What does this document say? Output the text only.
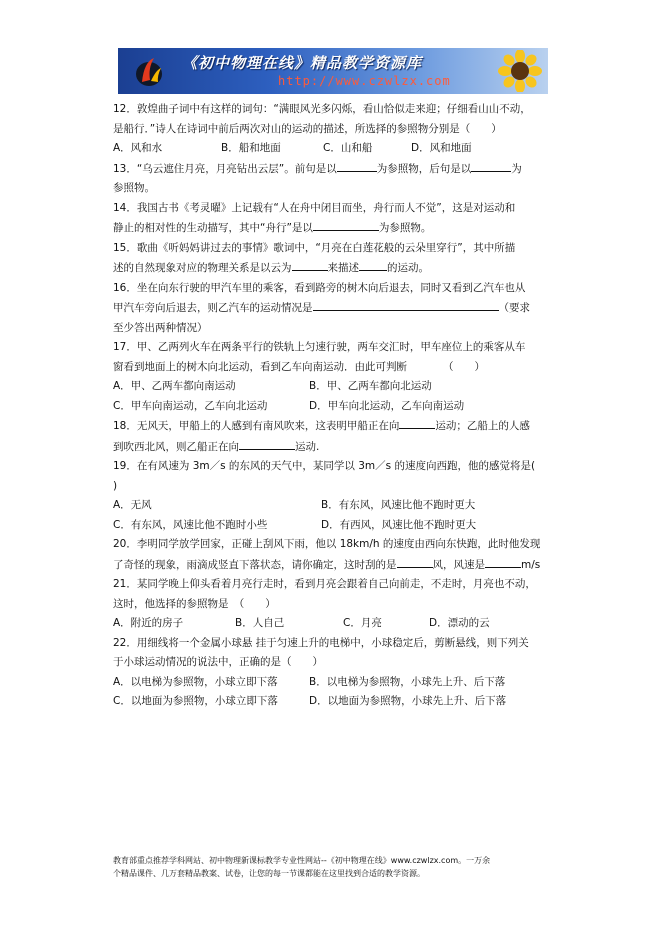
《初中物理在线》精品教学资源库
http://www.czwlzx.com
12．敦煌曲子词中有这样的词句：“满眼风光多闪烁，看山恰似走来迎；仔细看山山不动，
是船行．”诗人在诗词中前后两次对山的运动的描述，所选择的参照物分别是（　　）
A．风和水	B．船和地面	C．山和船	D．风和地面
13．“乌云遮住月亮，月亮钻出云层”。前句是以	为参照物，后句是以	为
参照物。
14．我国古书《考灵曜》上记载有“人在舟中闭目而坐，舟行而人不觉”，这是对运动和
静止的相对性的生动描写，其中“舟行”是以	为参照物。
15．歌曲《听妈妈讲过去的事情》歌词中，“月亮在白莲花般的云朵里穿行”，其中所描
述的自然现象对应的物理关系是以云为	来描述	的运动。
16．坐在向东行驶的甲汽车里的乘客，看到路旁的树木向后退去，同时又看到乙汽车也从
甲汽车旁向后退去，则乙汽车的运动情况是	（要求
至少答出两种情况）
17．甲、乙两列火车在两条平行的铁轨上匀速行驶，两车交汇时，甲车座位上的乘客从车
窗看到地面上的树木向北运动，看到乙车向南运动．由此可判断	（　　）
A．甲、乙两车都向南运动	B．甲、乙两车都向北运动
C．甲车向南运动，乙车向北运动	D．甲车向北运动，乙车向南运动
18．无风天，甲船上的人感到有南风吹来，这表明甲船正在向	运动；乙船上的人感
到吹西北风，则乙船正在向	运动.
19．在有风速为 3m／s 的东风的天气中，某同学以 3m／s 的速度向西跑，他的感觉将是(
)
A．无风	B．有东风，风速比他不跑时更大
C．有东风，风速比他不跑时小些	D．有西风，风速比他不跑时更大
20．李明同学放学回家，正碰上刮风下雨，他以 18km/h 的速度由西向东快跑，此时他发现
了奇怪的现象，雨滴成竖直下落状态，请你确定，这时刮的是	风，风速是	m/s
21．某同学晚上仰头看着月亮行走时，看到月亮会跟着自己向前走，不走时，月亮也不动，
这时，他选择的参照物是　（　　）
A．附近的房子	B．人自己	C．月亮	D．漂动的云
22．用细线将一个金属小球悬 挂于匀速上升的电梯中，小球稳定后，剪断悬线，则下列关
于小球运动情况的说法中，正确的是（　　）
A．以电梯为参照物，小球立即下落	B．以电梯为参照物，小球先上升、后下落
C．以地面为参照物，小球立即下落	D．以地面为参照物，小球先上升、后下落
教育部重点推荐学科网站、初中物理新课标教学专业性网站--《初中物理在线》www.czwlzx.com。一万余
个精品课件、几万套精品教案、试卷，让您的每一节课都能在这里找到合适的教学资源。
